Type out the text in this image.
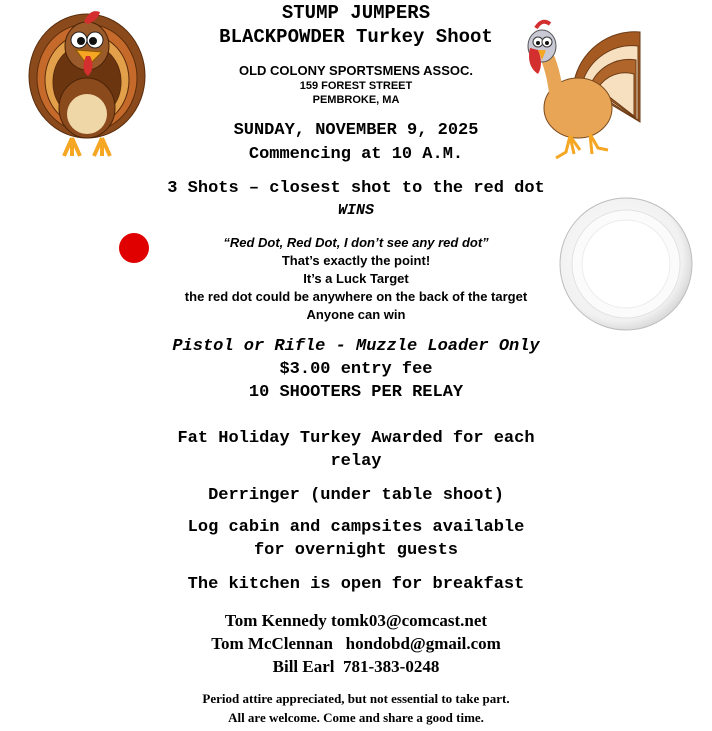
STUMP JUMPERS
BLACKPOWDER Turkey Shoot
OLD COLONY SPORTSMENS ASSOC.
159 FOREST STREET
PEMBROKE, MA
SUNDAY, NOVEMBER 9, 2025
Commencing at 10 A.M.
3 Shots – closest shot to the red dot
WINS
“Red Dot, Red Dot, I don’t see any red dot”
That’s exactly the point!
It’s a Luck Target
the red dot could be anywhere on the back of the target
Anyone can win
Pistol or Rifle - Muzzle Loader Only
$3.00 entry fee
10 SHOOTERS PER RELAY
Fat Holiday Turkey Awarded for each
relay
Derringer (under table shoot)
Log cabin and campsites available
for overnight guests
The kitchen is open for breakfast
Tom Kennedy tomk03@comcast.net
Tom McClennan   hondobd@gmail.com
Bill Earl  781-383-0248
Period attire appreciated, but not essential to take part.
All are welcome. Come and share a good time.
